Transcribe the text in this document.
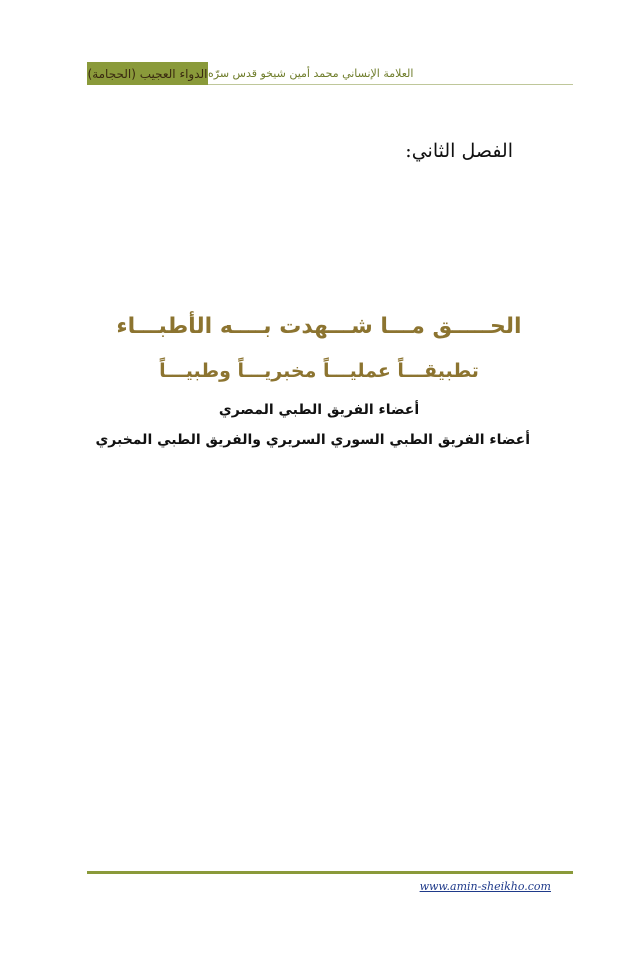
الدواء العجيب (الحجامة) العلامة الإنساني محمد أمين شيخو قدس سرّه
الفصل الثاني:
الحـــــق مـــا شـــهدت بــــه الأطبـــاء
تطبيقـــاً عمليـــاً مخبريـــاً وطبيـــاً
أعضاء الفريق الطبي المصري
أعضاء الفريق الطبي السوري السريري والفريق الطبي المخبري
www.amin-sheikho.com
